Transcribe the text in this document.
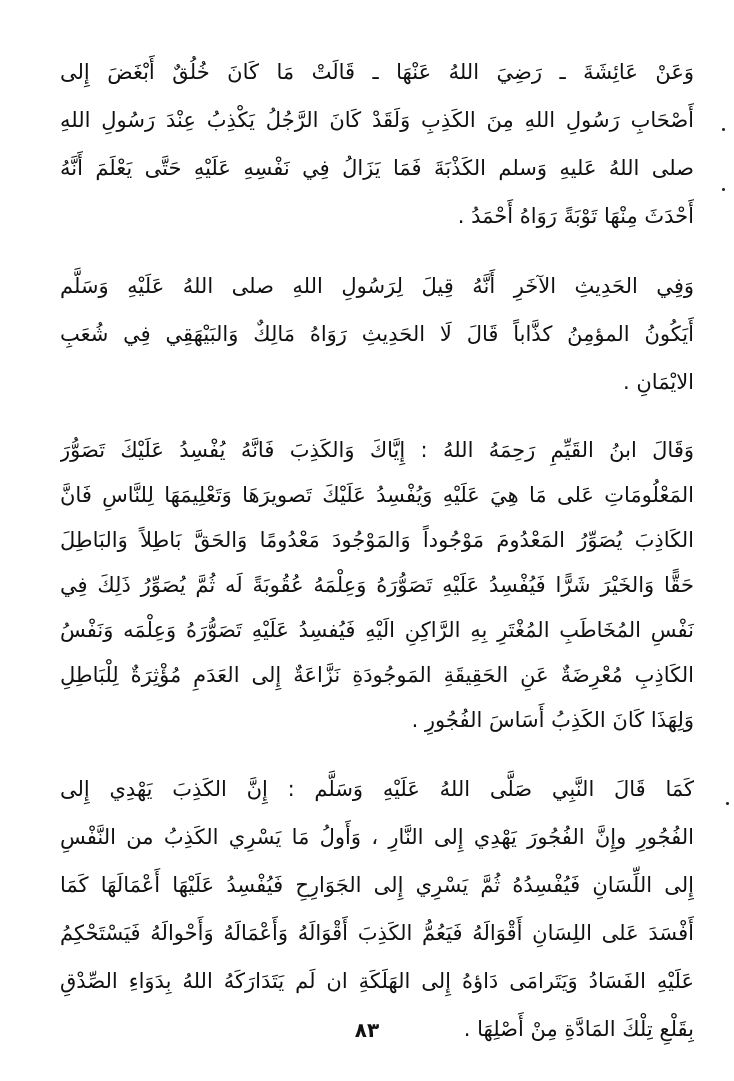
وَعَنْ عَائِشَةَ ـ رَضِيَ اللهُ عَنْهَا ـ قَالَتْ مَا كَانَ خُلُقٌ أَبْغَضَ إِلى
أَصْحَابِ رَسُولِ اللهِ مِنَ الكَذِبِ وَلَقَدْ كَانَ الرَّجُلُ يَكْذِبُ عِنْدَ رَسُولِ اللهِ
صلى اللهُ عَليهِ وَسلم الكَذْبَةَ فَمَا يَزَالُ فِي نَفْسِهِ عَلَيْهِ حَتَّى يَعْلَمَ أَنَّهُ
أَحْدَثَ مِنْهَا تَوْبَةً رَوَاهُ أَحْمَدُ .
وَفِي الحَدِيثِ الآخَرِ أَنَّهُ قِيلَ لِرَسُولِ اللهِ صلى اللهُ عَلَيْهِ وَسَلَّم
أَيَكُونُ المؤمِنُ كذَّاباً قَالَ لَا الحَدِيثِ رَوَاهُ مَالِكٌ وَالبَيْهَقِي فِي شُعَبِ
الايْمَانِ .
وَقَالَ ابنُ القَيِّمِ رَحِمَهُ اللهُ : إِيَّاكَ وَالكَذِبَ فَانَّهُ يُفْسِدُ عَلَيْكَ تَصَوُّرَ
المَعْلُومَاتِ عَلى مَا هِيَ عَلَيْهِ وَيُفْسِدُ عَلَيْكَ تَصويرَهَا وَتَعْلِيمَهَا لِلنَّاسِ فَانَّ
الكَاذِبَ يُصَوِّرُ المَعْدُومَ مَوْجُوداً وَالمَوْجُودَ مَعْدُومًا وَالحَقَّ بَاطِلاً وَالبَاطِلَ
حَقًّا وَالخَيْرَ شَرًّا فَيُفْسِدُ عَلَيْهِ تَصَوُّرَهُ وَعِلْمَهُ عُقُوبَةً لَه ثُمَّ يُصَوِّرُ ذَلِكَ فِي
نَفْسِ المُخَاطَبِ المُغْتَرِ بِهِ الرَّاكِنِ الَيْهِ فَيُفسِدُ عَلَيْهِ تَصَوُّرَهُ وَعِلْمَه وَنَفْسُ
الكَاذِبِ مُعْرِضَةٌ عَنِ الحَقِيقَةِ المَوجُودَةِ نَزَّاعَةٌ إِلى العَدَمِ مُؤْثِرَةٌ لِلْبَاطِلِ
وَلِهَذَا كَانَ الكَذِبُ أَسَاسَ الفُجُورِ .
كَمَا قَالَ النَّبِي صَلَّى اللهُ عَلَيْهِ وَسَلَّم : إِنَّ الكَذِبَ يَهْدِي إِلى
الفُجُورِ وإِنَّ الفُجُورَ يَهْدِي إِلى النَّارِ ، وَأَولُ مَا يَسْرِي الكَذِبُ من النَّفْسِ
إِلى اللِّسَانِ فَيُفْسِدُهُ ثُمَّ يَسْرِي إِلى الجَوَارِحِ فَيُفْسِدُ عَلَيْهَا أَعْمَالَهَا كَمَا
أَفْسَدَ عَلى اللِسَانِ أَقْوَالَهُ فَيَعُمُّ الكَذِبَ أَقْوَالَهُ وَأَعْمَالَهُ وَأَحْوالَهُ فَيَسْتَحْكِمُ
عَلَيْهِ الفَسَادُ وَيَتَرامَى دَاؤهُ إِلى الهَلَكَةِ ان لَم يَتَدَارَكَهُ اللهُ بِدَوَاءِ الصِّدْقِ
بِقَلْعِ تِلْكَ المَادَّةِ مِنْ أَصْلِهَا .
٨٣
